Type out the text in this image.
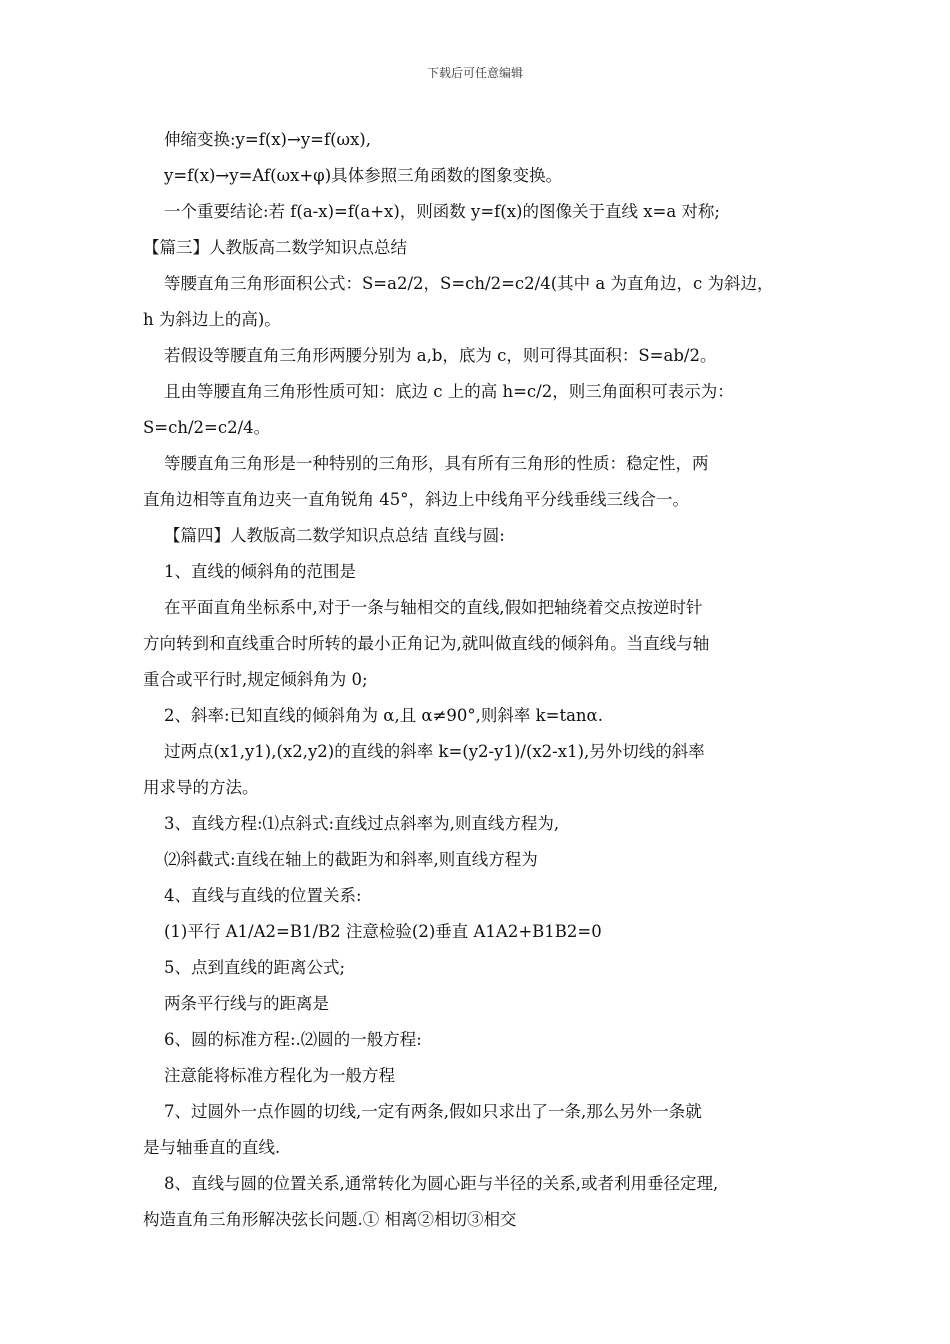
下载后可任意编辑
伸缩变换:y=f(x)→y=f(ωx),
y=f(x)→y=Af(ωx+φ)具体参照三角函数的图象变换。
一个重要结论:若 f(a-x)=f(a+x)，则函数 y=f(x)的图像关于直线 x=a 对称;
【篇三】人教版高二数学知识点总结
等腰直角三角形面积公式：S=a2/2，S=ch/2=c2/4(其中 a 为直角边，c 为斜边，
h 为斜边上的高)。
若假设等腰直角三角形两腰分别为 a,b，底为 c，则可得其面积：S=ab/2。
且由等腰直角三角形性质可知：底边 c 上的高 h=c/2，则三角面积可表示为：
S=ch/2=c2/4。
等腰直角三角形是一种特别的三角形，具有所有三角形的性质：稳定性，两
直角边相等直角边夹一直角锐角 45°，斜边上中线角平分线垂线三线合一。
【篇四】人教版高二数学知识点总结 直线与圆:
1、直线的倾斜角的范围是
在平面直角坐标系中,对于一条与轴相交的直线,假如把轴绕着交点按逆时针
方向转到和直线重合时所转的最小正角记为,就叫做直线的倾斜角。当直线与轴
重合或平行时,规定倾斜角为 0;
2、斜率:已知直线的倾斜角为 α,且 α≠90°,则斜率 k=tanα.
过两点(x1,y1),(x2,y2)的直线的斜率 k=(y2-y1)/(x2-x1),另外切线的斜率
用求导的方法。
3、直线方程:⑴点斜式:直线过点斜率为,则直线方程为,
⑵斜截式:直线在轴上的截距为和斜率,则直线方程为
4、直线与直线的位置关系:
(1)平行 A1/A2=B1/B2 注意检验(2)垂直 A1A2+B1B2=0
5、点到直线的距离公式;
两条平行线与的距离是
6、圆的标准方程:.⑵圆的一般方程:
注意能将标准方程化为一般方程
7、过圆外一点作圆的切线,一定有两条,假如只求出了一条,那么另外一条就
是与轴垂直的直线.
8、直线与圆的位置关系,通常转化为圆心距与半径的关系,或者利用垂径定理,
构造直角三角形解决弦长问题.① 相离②相切③相交
